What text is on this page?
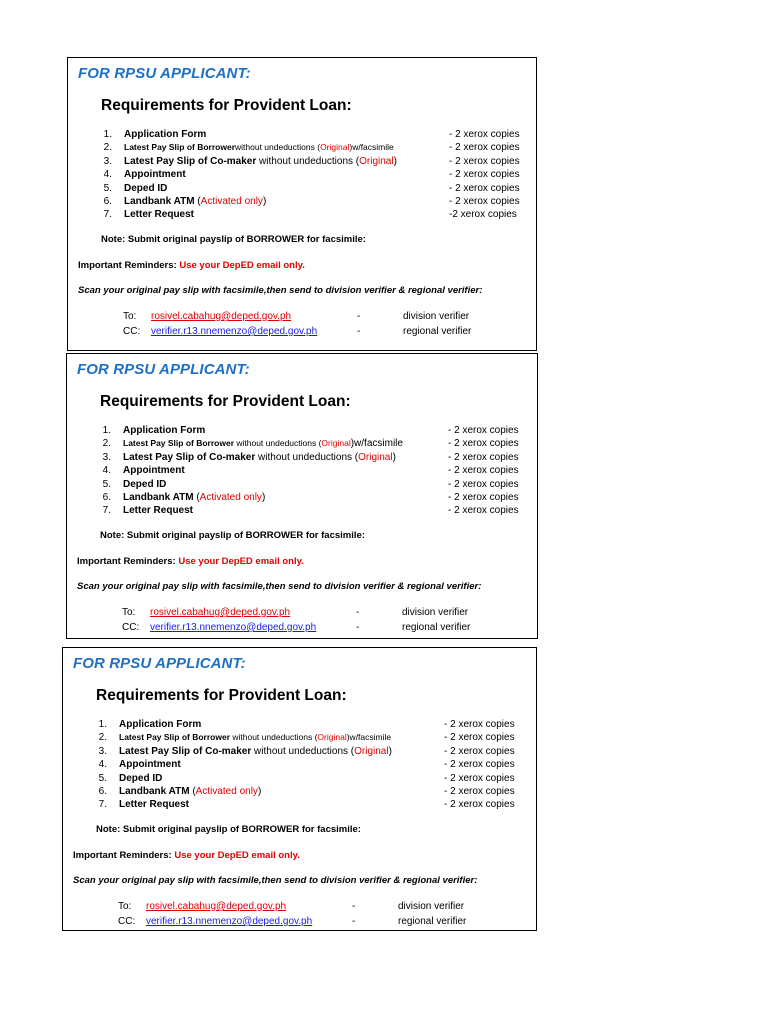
FOR RPSU APPLICANT:
Requirements for Provident Loan:
1. Application Form	- 2 xerox copies
2. Latest Pay Slip of Borrowerwithout undeductions (Original)w/facsimile	- 2 xerox copies
3. Latest Pay Slip of Co-maker without undeductions (Original)	- 2 xerox copies
4. Appointment	- 2 xerox copies
5. Deped ID	- 2 xerox copies
6. Landbank ATM (Activated only)	- 2 xerox copies
7. Letter Request	-2 xerox copies
Note: Submit original payslip of BORROWER for facsimile:
Important Reminders: Use your DepED email only.
Scan your original pay slip with facsimile,then send to division verifier & regional verifier:
To: rosivel.cabahug@deped.gov.ph	-	division verifier
CC: verifier.r13.nnemenzo@deped.gov.ph	-	regional verifier
FOR RPSU APPLICANT:
Requirements for Provident Loan:
1. Application Form	- 2 xerox copies
2. Latest Pay Slip of Borrower without undeductions (Original)w/facsimile	- 2 xerox copies
3. Latest Pay Slip of Co-maker without undeductions (Original)	- 2 xerox copies
4. Appointment	- 2 xerox copies
5. Deped ID	- 2 xerox copies
6. Landbank ATM (Activated only)	- 2 xerox copies
7. Letter Request	- 2 xerox copies
Note: Submit original payslip of BORROWER for facsimile:
Important Reminders: Use your DepED email only.
Scan your original pay slip with facsimile,then send to division verifier & regional verifier:
To: rosivel.cabahug@deped.gov.ph	-	division verifier
CC: verifier.r13.nnemenzo@deped.gov.ph	-	regional verifier
FOR RPSU APPLICANT:
Requirements for Provident Loan:
1. Application Form	- 2 xerox copies
2. Latest Pay Slip of Borrower without undeductions (Original)w/facsimile	- 2 xerox copies
3. Latest Pay Slip of Co-maker without undeductions (Original)	- 2 xerox copies
4. Appointment	- 2 xerox copies
5. Deped ID	- 2 xerox copies
6. Landbank ATM (Activated only)	- 2 xerox copies
7. Letter Request	- 2 xerox copies
Note: Submit original payslip of BORROWER for facsimile:
Important Reminders: Use your DepED email only.
Scan your original pay slip with facsimile,then send to division verifier & regional verifier:
To: rosivel.cabahug@deped.gov.ph	-	division verifier
CC: verifier.r13.nnemenzo@deped.gov.ph	-	regional verifier
